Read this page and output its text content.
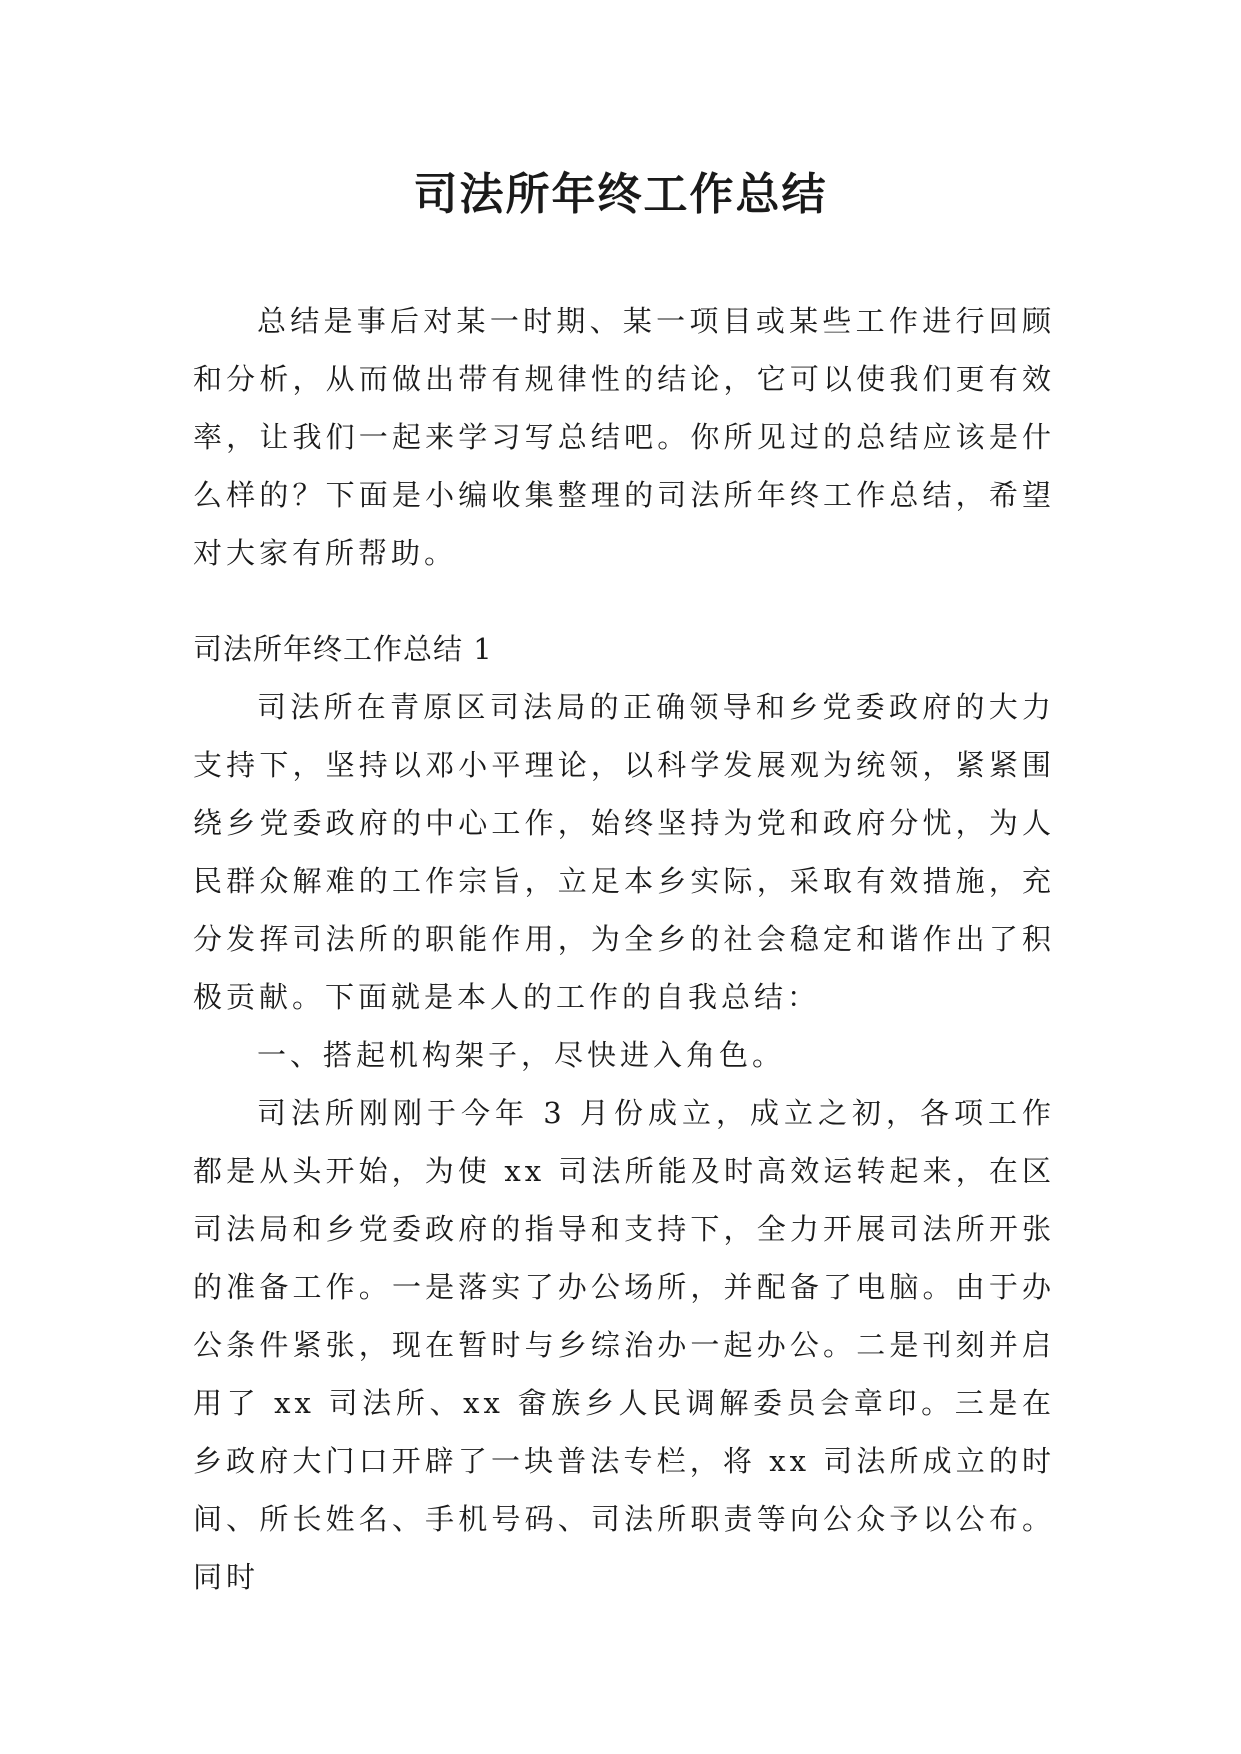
司法所年终工作总结

总结是事后对某一时期、某一项目或某些工作进行回顾和分析，从而做出带有规律性的结论，它可以使我们更有效率，让我们一起来学习写总结吧。你所见过的总结应该是什么样的？下面是小编收集整理的司法所年终工作总结，希望对大家有所帮助。

司法所年终工作总结 1

司法所在青原区司法局的正确领导和乡党委政府的大力支持下，坚持以邓小平理论，以科学发展观为统领，紧紧围绕乡党委政府的中心工作，始终坚持为党和政府分忧，为人民群众解难的工作宗旨，立足本乡实际，采取有效措施，充分发挥司法所的职能作用，为全乡的社会稳定和谐作出了积极贡献。下面就是本人的工作的自我总结：

一、搭起机构架子，尽快进入角色。

司法所刚刚于今年 3 月份成立，成立之初，各项工作都是从头开始，为使 xx 司法所能及时高效运转起来，在区司法局和乡党委政府的指导和支持下，全力开展司法所开张的准备工作。一是落实了办公场所，并配备了电脑。由于办公条件紧张，现在暂时与乡综治办一起办公。二是刊刻并启用了 xx 司法所、xx 畲族乡人民调解委员会章印。三是在乡政府大门口开辟了一块普法专栏，将 xx 司法所成立的时间、所长姓名、手机号码、司法所职责等向公众予以公布。同时
